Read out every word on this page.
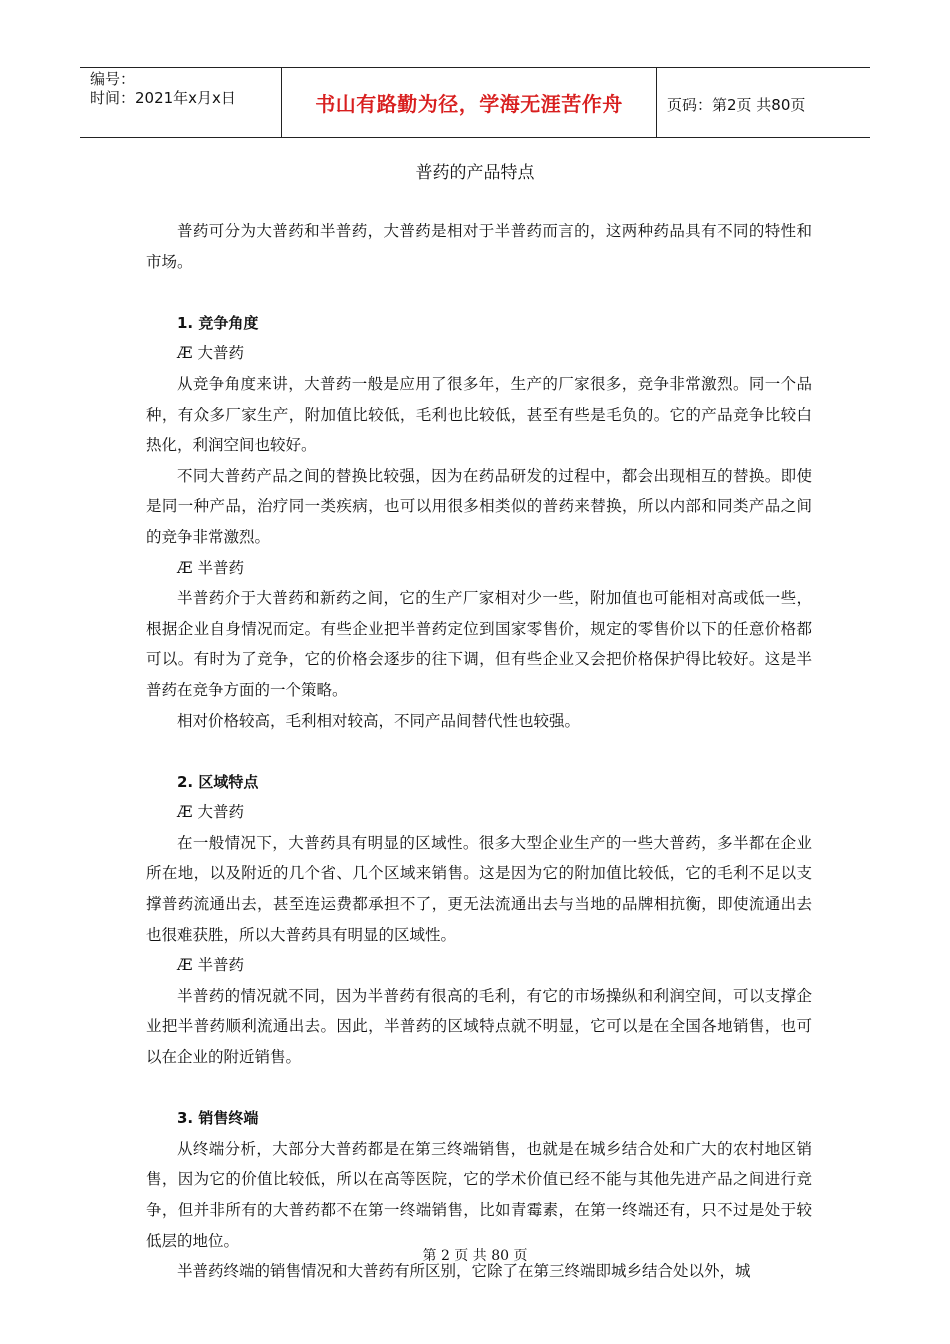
编号：
时间：2021年x月x日	书山有路勤为径，学海无涯苦作舟	页码：第2页 共80页
普药的产品特点

普药可分为大普药和半普药，大普药是相对于半普药而言的，这两种药品具有不同的特性和市场。

1. 竞争角度

Æ 大普药

从竞争角度来讲，大普药一般是应用了很多年，生产的厂家很多，竞争非常激烈。同一个品种，有众多厂家生产，附加值比较低，毛利也比较低，甚至有些是毛负的。它的产品竞争比较白热化，利润空间也较好。

不同大普药产品之间的替换比较强，因为在药品研发的过程中，都会出现相互的替换。即使是同一种产品，治疗同一类疾病，也可以用很多相类似的普药来替换，所以内部和同类产品之间的竞争非常激烈。

Æ 半普药

半普药介于大普药和新药之间，它的生产厂家相对少一些，附加值也可能相对高或低一些，根据企业自身情况而定。有些企业把半普药定位到国家零售价，规定的零售价以下的任意价格都可以。有时为了竞争，它的价格会逐步的往下调，但有些企业又会把价格保护得比较好。这是半普药在竞争方面的一个策略。

相对价格较高，毛利相对较高，不同产品间替代性也较强。

2. 区域特点

Æ 大普药

在一般情况下，大普药具有明显的区域性。很多大型企业生产的一些大普药，多半都在企业所在地，以及附近的几个省、几个区域来销售。这是因为它的附加值比较低，它的毛利不足以支撑普药流通出去，甚至连运费都承担不了，更无法流通出去与当地的品牌相抗衡，即使流通出去也很难获胜，所以大普药具有明显的区域性。

Æ 半普药

半普药的情况就不同，因为半普药有很高的毛利，有它的市场操纵和利润空间，可以支撑企业把半普药顺利流通出去。因此，半普药的区域特点就不明显，它可以是在全国各地销售，也可以在企业的附近销售。

3. 销售终端

从终端分析，大部分大普药都是在第三终端销售，也就是在城乡结合处和广大的农村地区销售，因为它的价值比较低，所以在高等医院，它的学术价值已经不能与其他先进产品之间进行竞争，但并非所有的大普药都不在第一终端销售，比如青霉素，在第一终端还有，只不过是处于较低层的地位。

半普药终端的销售情况和大普药有所区别，它除了在第三终端即城乡结合处以外，城

第 2 页 共 80 页
